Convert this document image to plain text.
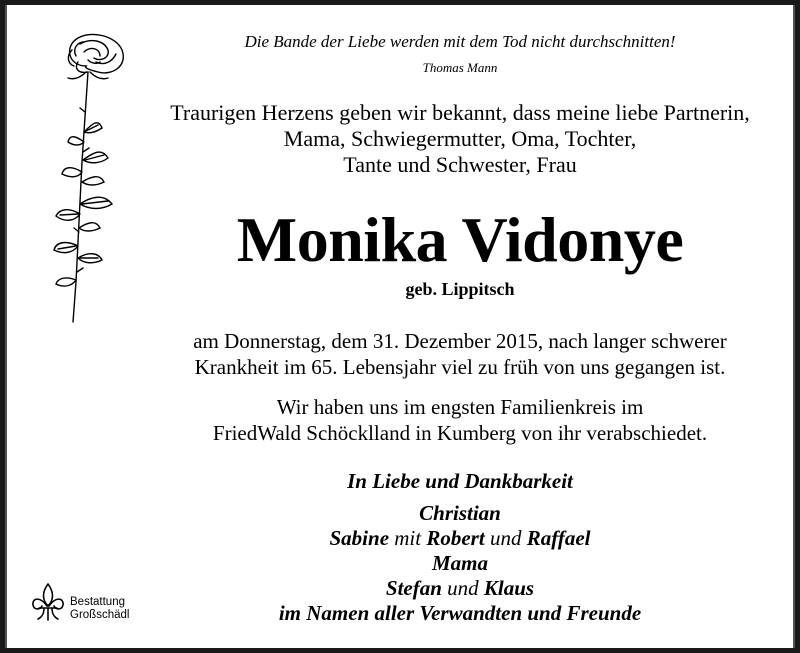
Die Bande der Liebe werden mit dem Tod nicht durchschnitten!
Thomas Mann
Traurigen Herzens geben wir bekannt, dass meine liebe Partnerin,
Mama, Schwiegermutter, Oma, Tochter,
Tante und Schwester, Frau
Monika Vidonye
geb. Lippitsch
am Donnerstag, dem 31. Dezember 2015, nach langer schwerer
Krankheit im 65. Lebensjahr viel zu früh von uns gegangen ist.
Wir haben uns im engsten Familienkreis im
FriedWald Schöcklland in Kumberg von ihr verabschiedet.
In Liebe und Dankbarkeit
Christian
Sabine mit Robert und Raffael
Mama
Stefan und Klaus
im Namen aller Verwandten und Freunde
Bestattung
Großschädl
